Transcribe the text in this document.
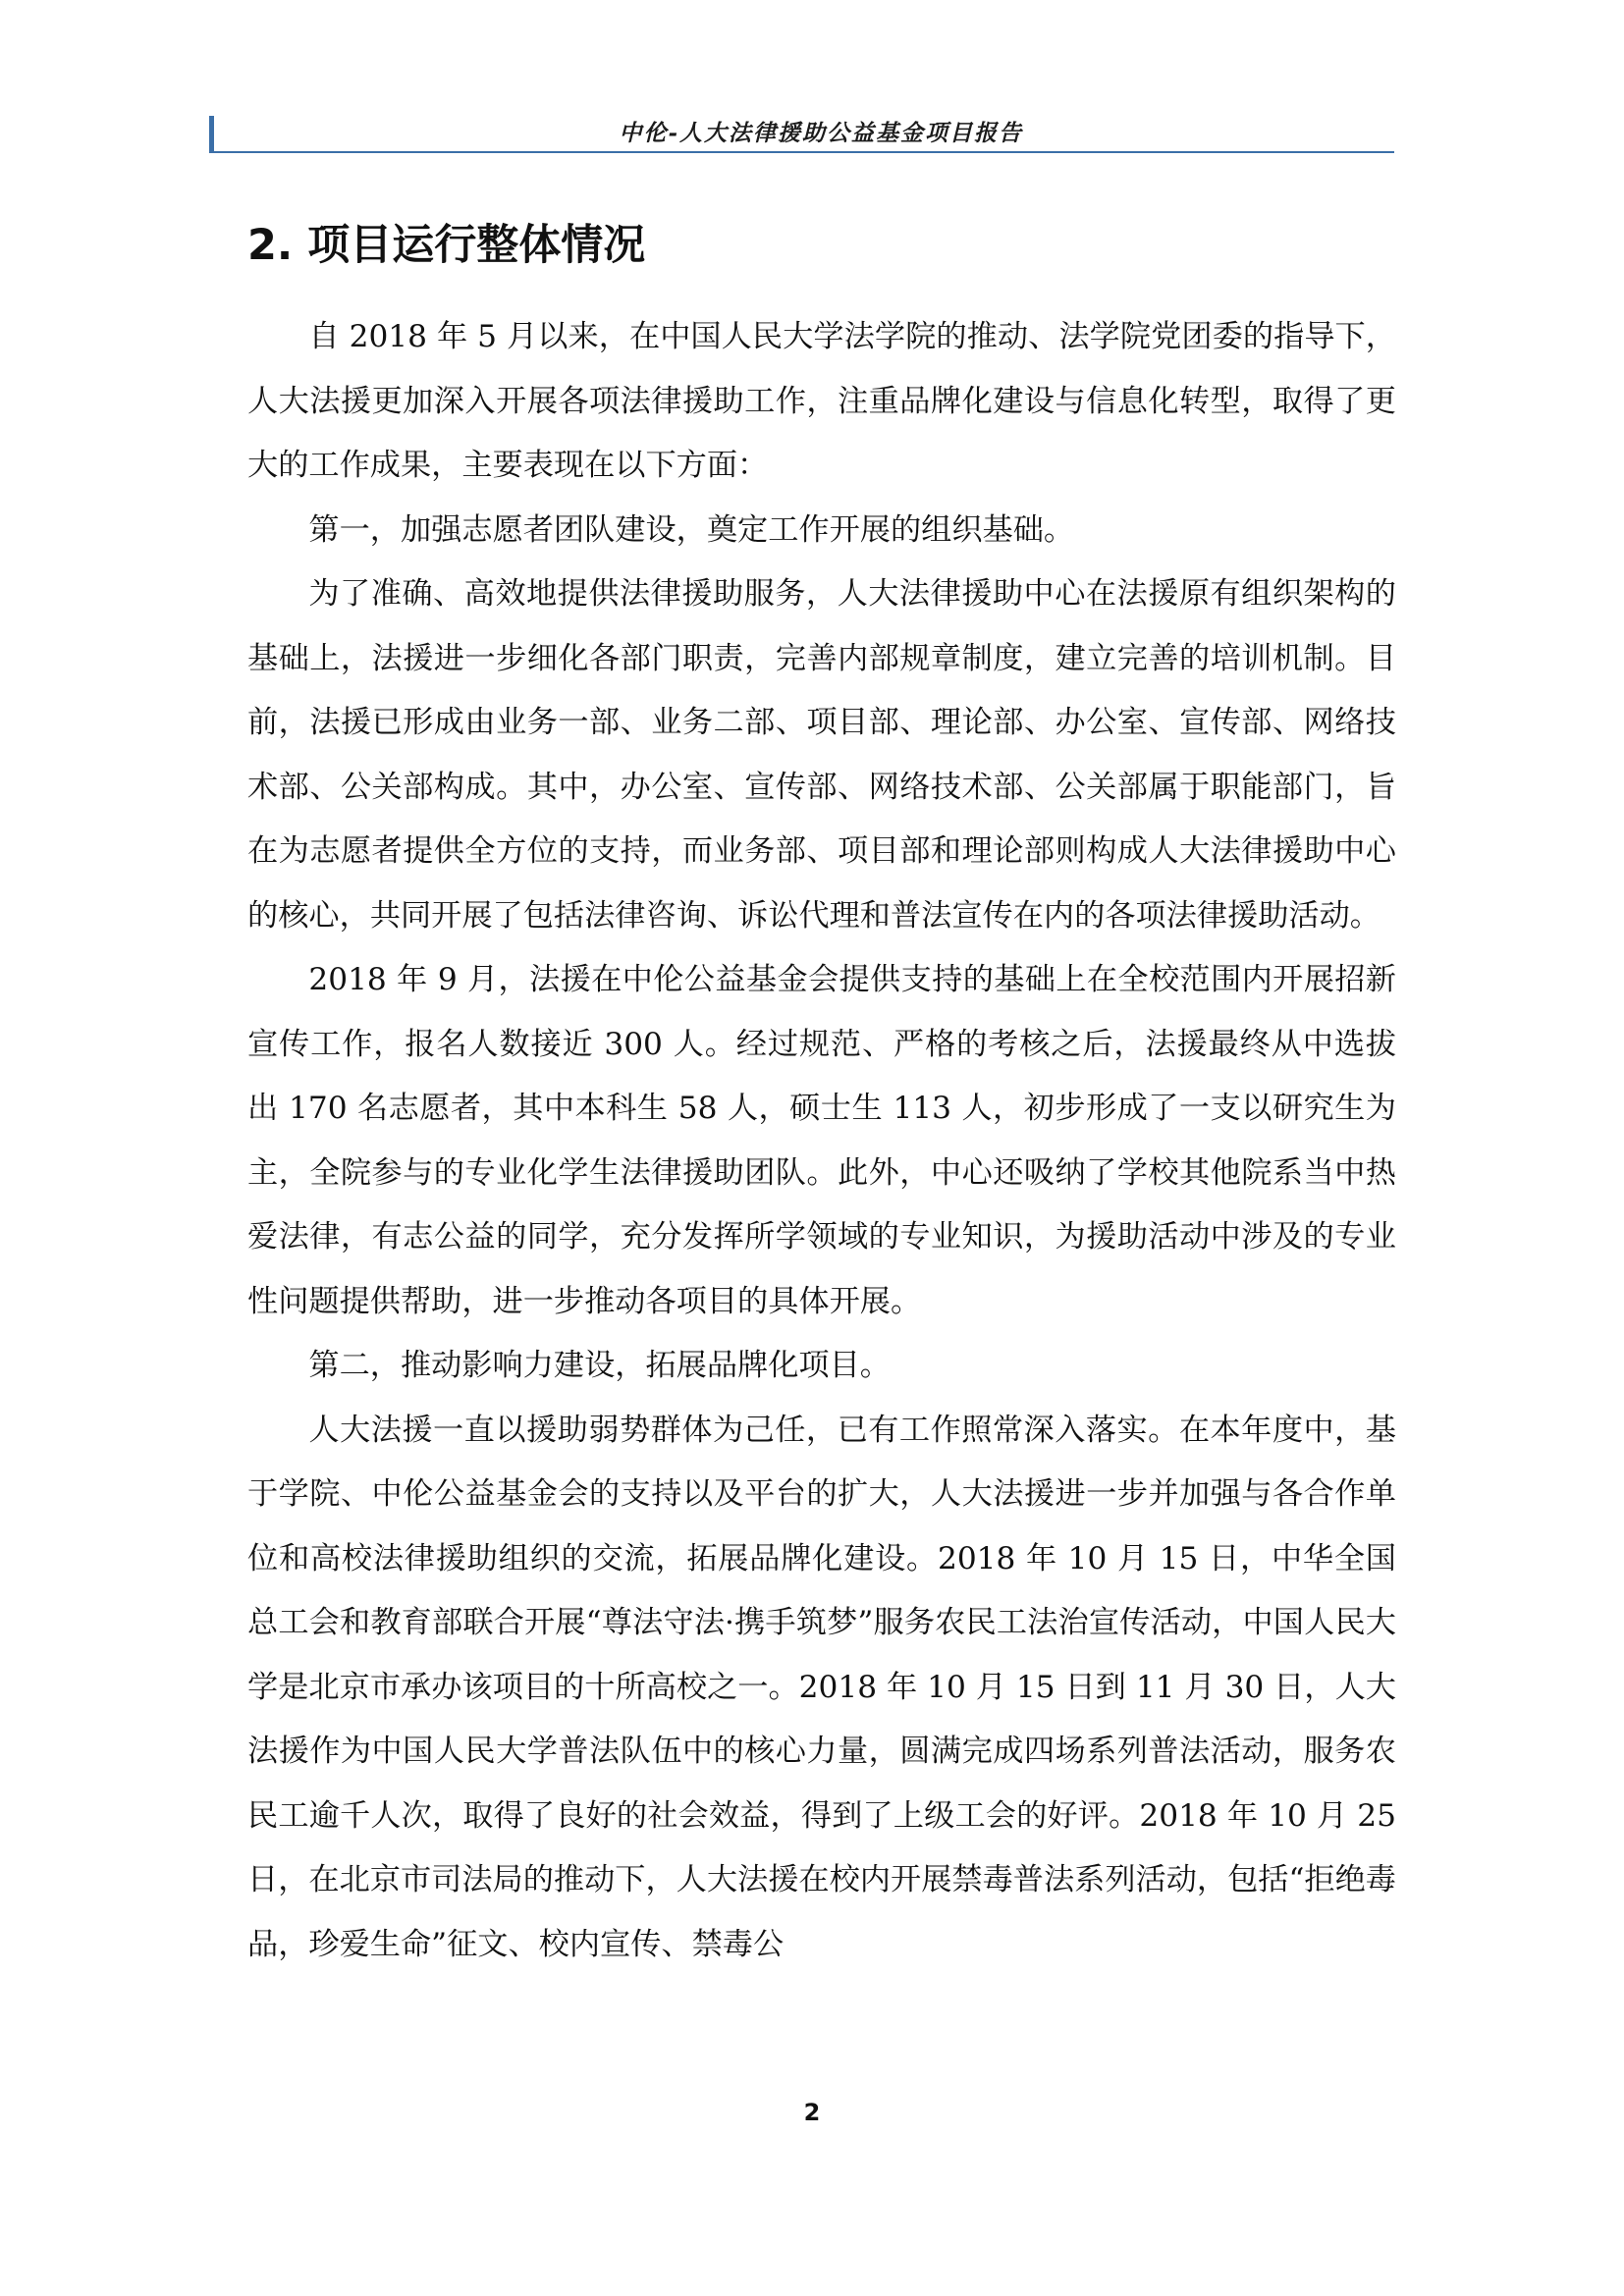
中伦-人大法律援助公益基金项目报告
2. 项目运行整体情况

自 2018 年 5 月以来，在中国人民大学法学院的推动、法学院党团委的指导下，人大法援更加深入开展各项法律援助工作，注重品牌化建设与信息化转型，取得了更大的工作成果，主要表现在以下方面：

第一，加强志愿者团队建设，奠定工作开展的组织基础。

为了准确、高效地提供法律援助服务，人大法律援助中心在法援原有组织架构的基础上，法援进一步细化各部门职责，完善内部规章制度，建立完善的培训机制。目前，法援已形成由业务一部、业务二部、项目部、理论部、办公室、宣传部、网络技术部、公关部构成。其中，办公室、宣传部、网络技术部、公关部属于职能部门，旨在为志愿者提供全方位的支持，而业务部、项目部和理论部则构成人大法律援助中心的核心，共同开展了包括法律咨询、诉讼代理和普法宣传在内的各项法律援助活动。

2018 年 9 月，法援在中伦公益基金会提供支持的基础上在全校范围内开展招新宣传工作，报名人数接近 300 人。经过规范、严格的考核之后，法援最终从中选拔出 170 名志愿者，其中本科生 58 人，硕士生 113 人，初步形成了一支以研究生为主，全院参与的专业化学生法律援助团队。此外，中心还吸纳了学校其他院系当中热爱法律，有志公益的同学，充分发挥所学领域的专业知识，为援助活动中涉及的专业性问题提供帮助，进一步推动各项目的具体开展。

第二，推动影响力建设，拓展品牌化项目。

人大法援一直以援助弱势群体为己任，已有工作照常深入落实。在本年度中，基于学院、中伦公益基金会的支持以及平台的扩大，人大法援进一步并加强与各合作单位和高校法律援助组织的交流，拓展品牌化建设。2018 年 10 月 15 日，中华全国总工会和教育部联合开展“尊法守法·携手筑梦”服务农民工法治宣传活动，中国人民大学是北京市承办该项目的十所高校之一。2018 年 10 月 15 日到 11 月 30 日，人大法援作为中国人民大学普法队伍中的核心力量，圆满完成四场系列普法活动，服务农民工逾千人次，取得了良好的社会效益，得到了上级工会的好评。2018 年 10 月 25 日，在北京市司法局的推动下，人大法援在校内开展禁毒普法系列活动，包括“拒绝毒品，珍爱生命”征文、校内宣传、禁毒公

2
